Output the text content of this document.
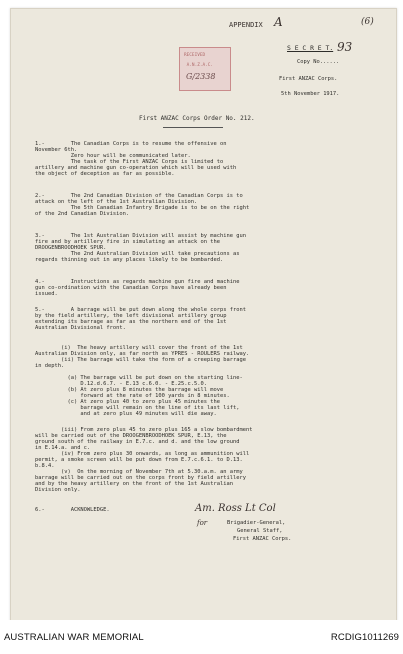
APPENDIX A	(6)
RECEIVED

A.N.Z.A.C.
G/2338
S E C R E T. 93
Copy No......
First ANZAC Corps.
5th November 1917.
First ANZAC Corps Order No. 212.
1.-        The Canadian Corps is to resume the offensive on
November 6th.
Zero hour will be communicated later.
The task of the First ANZAC Corps is limited to
artillery and machine gun co-operation which will be used with
the object of deception as far as possible.
2.-        The 2nd Canadian Division of the Canadian Corps is to
attack on the left of the 1st Australian Division.
The 5th Canadian Infantry Brigade is to be on the right
of the 2nd Canadian Division.
3.-        The 1st Australian Division will assist by machine gun
fire and by artillery fire in simulating an attack on the
DROOGENBROODHOEK SPUR.
The 2nd Australian Division will take precautions as
regards thinning out in any places likely to be bombarded.
4.-        Instructions as regards machine gun fire and machine
gun co-ordination with the Canadian Corps have already been
issued.
5.-        A barrage will be put down along the whole corps front
by the field artillery, the left divisional artillery group
extending its barrage as far as the northern end of the 1st
Australian Divisional front.
(i)  The heavy artillery will cover the front of the 1st
Australian Division only, as far north as YPRES - ROULERS railway.
(ii) The barrage will take the form of a creeping barrage
in depth.
(a) The barrage will be put down on the starting line-
D.12.d.6.7. - E.13 c.6.0. - E.25.c.5.0.
(b) At zero plus 8 minutes the barrage will move
forward at the rate of 100 yards in 8 minutes.
(c) At zero plus 40 to zero plus 45 minutes the
barrage will remain on the line of its last lift,
and at zero plus 49 minutes will die away.
(iii) From zero plus 45 to zero plus 165 a slow bombardment
will be carried out of the DROOGENBROODHOEK SPUR, E.13, the
ground south of the railway in E.7.c. and d. and the low ground
in E.14.a. and c.
(iv) From zero plus 30 onwards, as long as ammunition will
permit, a smoke screen will be put down from E.7.c.6.1. to D.13.
b.8.4.
(v)  On the morning of November 7th at 5.30.a.m. an army
barrage will be carried out on the corps front by field artillery
and by the heavy artillery on the front of the 1st Australian
Division only.
6.-        ACKNOWLEDGE.	Am. Ross Lt Col
for	Brigadier-General,
General Staff,
First ANZAC Corps.
AUSTRALIAN WAR MEMORIAL	RCDIG1011269
